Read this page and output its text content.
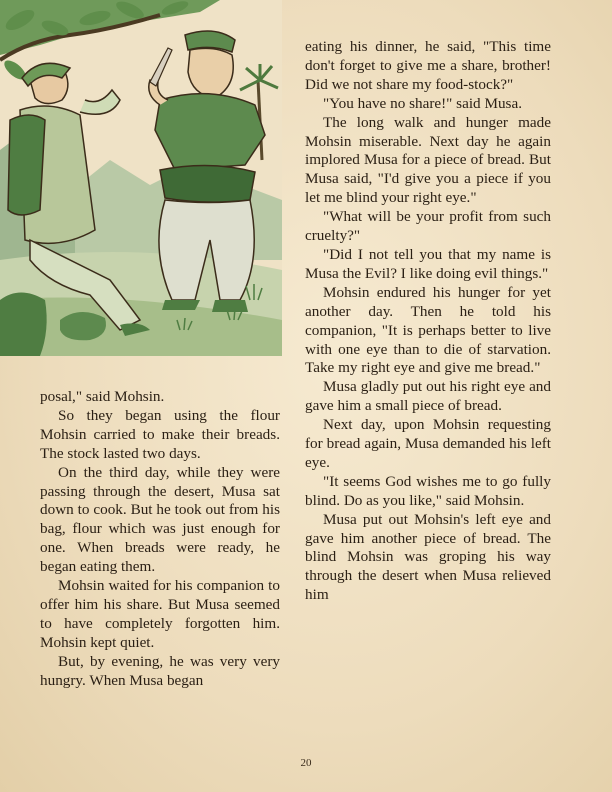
posal," said Mohsin.

So they began using the flour Mohsin carried to make their breads. The stock lasted two days.

On the third day, while they were passing through the desert, Musa sat down to cook. But he took out from his bag, flour which was just enough for one. When breads were ready, he began eating them.

Mohsin waited for his companion to offer him his share. But Musa seemed to have completely forgotten him. Mohsin kept quiet.

But, by evening, he was very very hungry. When Musa began

eating his dinner, he said, "This time don't forget to give me a share, brother! Did we not share my food-stock?"

"You have no share!" said Musa.

The long walk and hunger made Mohsin miserable. Next day he again implored Musa for a piece of bread. But Musa said, "I'd give you a piece if you let me blind your right eye."

"What will be your profit from such cruelty?"

"Did I not tell you that my name is Musa the Evil? I like doing evil things."

Mohsin endured his hunger for yet another day. Then he told his companion, "It is perhaps better to live with one eye than to die of starvation. Take my right eye and give me bread."

Musa gladly put out his right eye and gave him a small piece of bread.

Next day, upon Mohsin requesting for bread again, Musa demanded his left eye.

"It seems God wishes me to go fully blind. Do as you like," said Mohsin.

Musa put out Mohsin's left eye and gave him another piece of bread. The blind Mohsin was groping his way through the desert when Musa relieved him

20
